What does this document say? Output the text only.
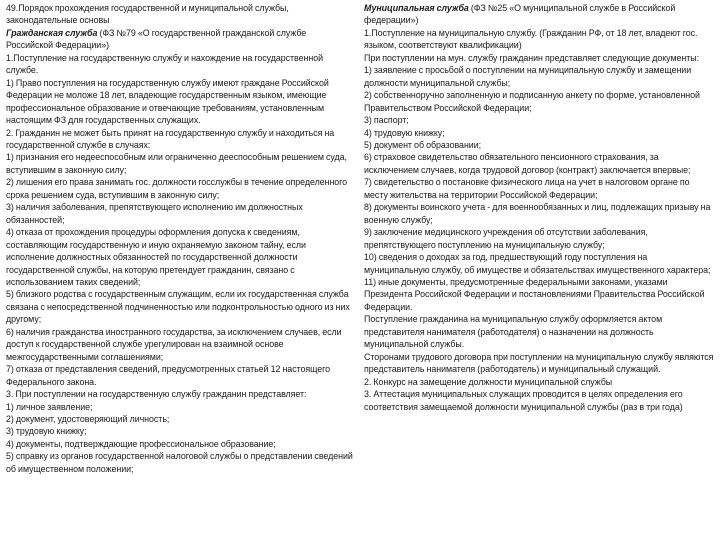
49.Порядок прохождения государственной и муниципальной службы, законодательные основы

Гражданская служба (ФЗ №79 «О государственной гражданской службе Российской Федерации»)

1.Поступление на государственную службу и нахождение на государственной службе.

1) Право поступления на государственную службу имеют граждане Российской Федерации не моложе 18 лет, владеющие государственным языком, имеющие профессиональное образование и отвечающие требованиям, установленным настоящим ФЗ для государственных служащих.

2. Гражданин не может быть принят на государственную службу и находиться на государственной службе в случаях:

1) признания его недееспособным или ограниченно дееспособным решением суда, вступившим в законную силу;

2) лишения его права занимать гос. должности госслужбы в течение определенного срока решением суда, вступившим в законную силу;

3) наличия заболевания, препятствующего исполнению им должностных обязанностей;

4) отказа от прохождения процедуры оформления допуска к сведениям, составляющим государственную и иную охраняемую законом тайну, если исполнение должностных обязанностей по государственной должности государственной службы, на которую претендует гражданин, связано с использованием таких сведений;

5) близкого родства с государственным служащим, если их государственная служба связана с непосредственной подчиненностью или подконтрольностью одного из них другому;

6) наличия гражданства иностранного государства, за исключением случаев, если доступ к государственной службе урегулирован на взаимной основе межгосударственными соглашениями;

7) отказа от представления сведений, предусмотренных статьей 12 настоящего Федерального закона.

3. При поступлении на государственную службу гражданин представляет:

1) личное заявление;

2) документ, удостоверяющий личность;

3) трудовую книжку;

4) документы, подтверждающие профессиональное образование;

5) справку из органов государственной налоговой службы о представлении сведений об имущественном положении;

Муниципальная служба (ФЗ №25 «О муниципальной службе в Российской федерации»)

1.Поступление на муниципальную службу. (Гражданин РФ, от 18 лет, владеют гос. языком, соответствуют квалификации)

При поступлении на мун. службу гражданин представляет следующие документы:

1) заявление с просьбой о поступлении на муниципальную службу и замещении должности муниципальной службы;

2) собственноручно заполненную и подписанную анкету по форме, установленной Правительством Российской Федерации;

3) паспорт;

4) трудовую книжку;

5) документ об образовании;

6) страховое свидетельство обязательного пенсионного страхования, за исключением случаев, когда трудовой договор (контракт) заключается впервые;

7) свидетельство о постановке физического лица на учет в налоговом органе по месту жительства на территории Российской Федерации;

8) документы воинского учета - для военнообязанных и лиц, подлежащих призыву на военную службу;

9) заключение медицинского учреждения об отсутствии заболевания, препятствующего поступлению на муниципальную службу;

10) сведения о доходах за год, предшествующий году поступления на муниципальную службу, об имуществе и обязательствах имущественного характера;

11) иные документы, предусмотренные федеральными законами, указами Президента Российской Федерации и постановлениями Правительства Российской Федерации.

Поступление гражданина на муниципальную службу оформляется актом представителя нанимателя (работодателя) о назначении на должность муниципальной службы.

Сторонами трудового договора при поступлении на муниципальную службу являются представитель нанимателя (работодатель) и муниципальный служащий.

2. Конкурс на замещение должности муниципальной службы

3. Аттестация муниципальных служащих проводится в целях определения его соответствия замещаемой должности муниципальной службы (раз в три года)
